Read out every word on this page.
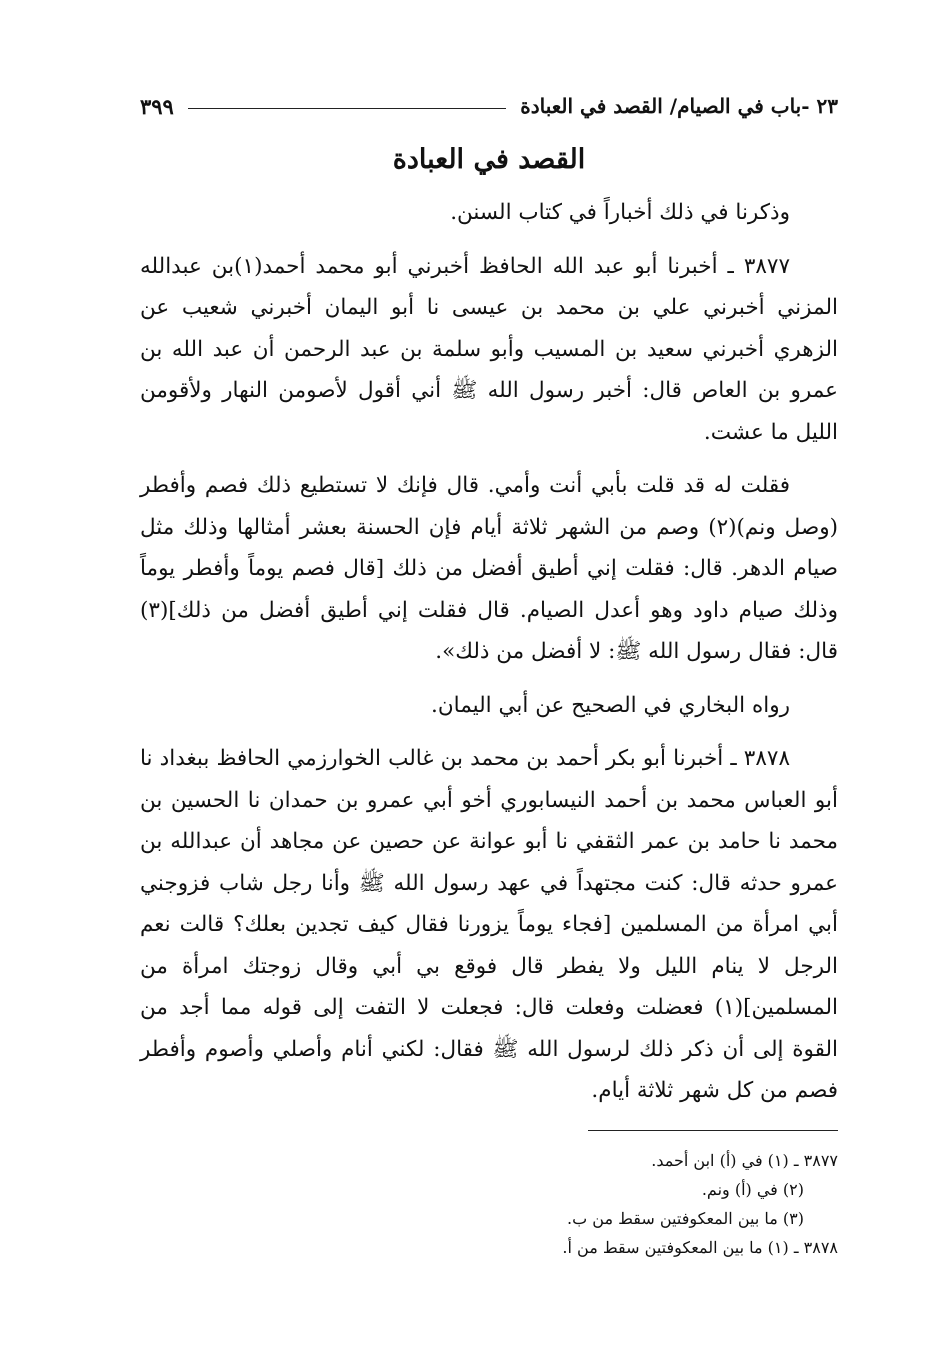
٢٣ -باب في الصيام/ القصد في العبادة
٣٩٩
القصد في العبادة

وذكرنا في ذلك أخباراً في كتاب السنن.

٣٨٧٧ ـ أخبرنا أبو عبد الله الحافظ أخبرني أبو محمد أحمد(١)بن عبدالله المزني أخبرني علي بن محمد بن عيسى نا أبو اليمان أخبرني شعيب عن الزهري أخبرني سعيد بن المسيب وأبو سلمة بن عبد الرحمن أن عبد الله بن عمرو بن العاص قال: أخبر رسول الله ﷺ أني أقول لأصومن النهار ولأقومن الليل ما عشت.

فقلت له قد قلت بأبي أنت وأمي. قال فإنك لا تستطيع ذلك فصم وأفطر (وصل ونم)(٢) وصم من الشهر ثلاثة أيام فإن الحسنة بعشر أمثالها وذلك مثل صيام الدهر. قال: فقلت إني أطيق أفضل من ذلك [قال فصم يوماً وأفطر يوماً وذلك صيام داود وهو أعدل الصيام. قال فقلت إني أطيق أفضل من ذلك](٣) قال: فقال رسول الله ﷺ: لا أفضل من ذلك».

رواه البخاري في الصحيح عن أبي اليمان.

٣٨٧٨ ـ أخبرنا أبو بكر أحمد بن محمد بن غالب الخوارزمي الحافظ ببغداد نا أبو العباس محمد بن أحمد النيسابوري أخو أبي عمرو بن حمدان نا الحسين بن محمد نا حامد بن عمر الثقفي نا أبو عوانة عن حصين عن مجاهد أن عبدالله بن عمرو حدثه قال: كنت مجتهداً في عهد رسول الله ﷺ وأنا رجل شاب فزوجني أبي امرأة من المسلمين [فجاء يوماً يزورنا فقال كيف تجدين بعلك؟ قالت نعم الرجل لا ينام الليل ولا يفطر قال فوقع بي أبي وقال زوجتك امرأة من المسلمين](١) فعضلت وفعلت قال: فجعلت لا التفت إلى قوله مما أجد من القوة إلى أن ذكر ذلك لرسول الله ﷺ فقال: لكني أنام وأصلي وأصوم وأفطر فصم من كل شهر ثلاثة أيام.

٣٨٧٧ ـ (١) في (أ) ابن أحمد.
(٢) في (أ) ونم.
(٣) ما بين المعكوفتين سقط من ب.
٣٨٧٨ ـ (١) ما بين المعكوفتين سقط من أ.
